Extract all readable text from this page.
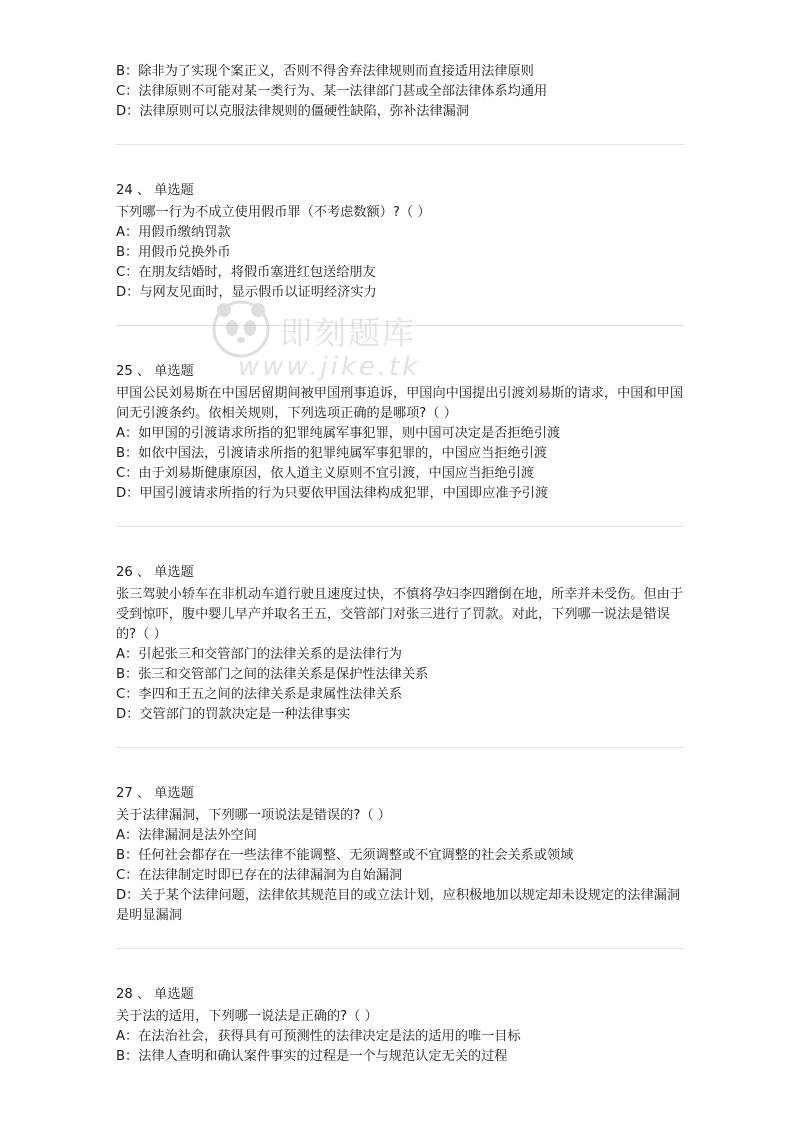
B： 除非为了实现个案正义，否则不得舍弃法律规则而直接适用法律原则
C： 法律原则不可能对某一类行为、某一法律部门甚或全部法律体系均通用
D： 法律原则可以克服法律规则的僵硬性缺陷，弥补法律漏洞
24 、 单选题
下列哪一行为不成立使用假币罪（不考虑数额）?（ ）
A： 用假币缴纳罚款
B： 用假币兑换外币
C： 在朋友结婚时，将假币塞进红包送给朋友
D： 与网友见面时，显示假币以证明经济实力
25 、 单选题
甲国公民刘易斯在中国居留期间被甲国刑事追诉，甲国向中国提出引渡刘易斯的请求，中国和甲国间无引渡条约。依相关规则，下列选项正确的是哪项?（ ）
A： 如甲国的引渡请求所指的犯罪纯属军事犯罪，则中国可决定是否拒绝引渡
B： 如依中国法，引渡请求所指的犯罪纯属军事犯罪的，中国应当拒绝引渡
C： 由于刘易斯健康原因，依人道主义原则不宜引渡，中国应当拒绝引渡
D： 甲国引渡请求所指的行为只要依甲国法律构成犯罪，中国即应准予引渡
26 、 单选题
张三驾驶小轿车在非机动车道行驶且速度过快，不慎将孕妇李四蹭倒在地，所幸并未受伤。但由于受到惊吓，腹中婴儿早产并取名王五，交管部门对张三进行了罚款。对此，下列哪一说法是错误的?（ ）
A： 引起张三和交管部门的法律关系的是法律行为
B： 张三和交管部门之间的法律关系是保护性法律关系
C： 李四和王五之间的法律关系是隶属性法律关系
D： 交管部门的罚款决定是一种法律事实
27 、 单选题
关于法律漏洞，下列哪一项说法是错误的?（ ）
A： 法律漏洞是法外空间
B： 任何社会都存在一些法律不能调整、无须调整或不宜调整的社会关系或领域
C： 在法律制定时即已存在的法律漏洞为自始漏洞
D：关于某个法律问题，法律依其规范目的或立法计划，应积极地加以规定却未设规定的法律漏洞是明显漏洞
28 、 单选题
关于法的适用，下列哪一说法是正确的?（ ）
A： 在法治社会，获得具有可预测性的法律决定是法的适用的唯一目标
B： 法律人查明和确认案件事实的过程是一个与规范认定无关的过程
即刻题库
www.jike.tk
